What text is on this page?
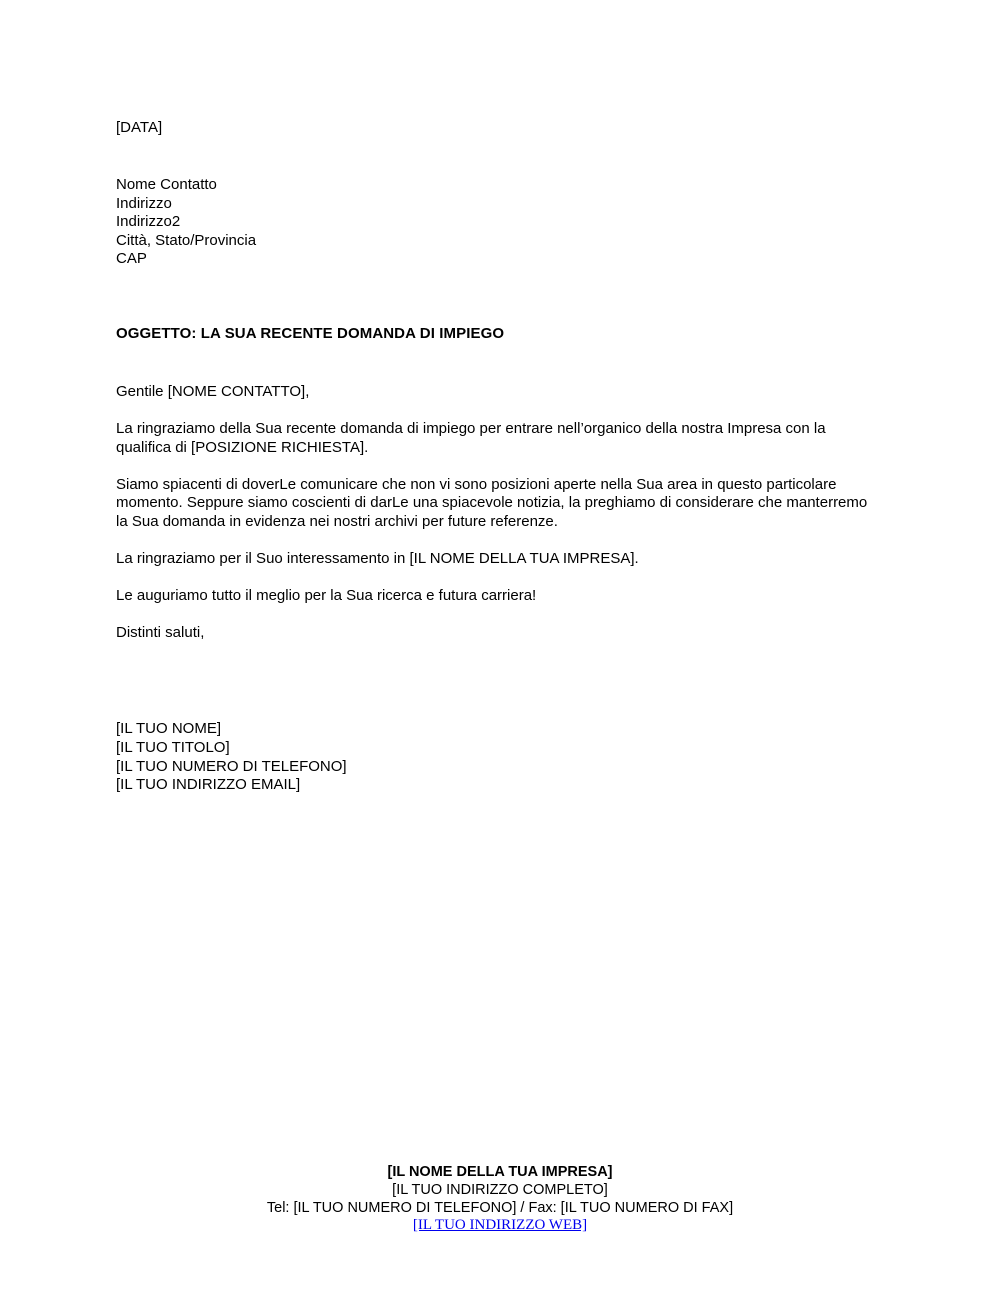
[DATA]
Nome Contatto
Indirizzo
Indirizzo2
Città, Stato/Provincia
CAP
OGGETTO: LA SUA RECENTE DOMANDA DI IMPIEGO
Gentile [NOME CONTATTO],

La ringraziamo della Sua recente domanda di impiego per entrare nell’organico della nostra Impresa con la qualifica di [POSIZIONE RICHIESTA].

Siamo spiacenti di doverLe comunicare che non vi sono posizioni aperte nella Sua area in questo particolare momento. Seppure siamo coscienti di darLe una spiacevole notizia, la preghiamo di considerare che manterremo la Sua domanda in evidenza nei nostri archivi per future referenze.

La ringraziamo per il Suo interessamento in [IL NOME DELLA TUA IMPRESA].

Le auguriamo tutto il meglio per la Sua ricerca e futura carriera!

Distinti saluti,

[IL TUO NOME]
[IL TUO TITOLO]
[IL TUO NUMERO DI TELEFONO]
[IL TUO INDIRIZZO EMAIL]
[IL NOME DELLA TUA IMPRESA]
[IL TUO INDIRIZZO COMPLETO]
Tel: [IL TUO NUMERO DI TELEFONO] / Fax: [IL TUO NUMERO DI FAX]
[IL TUO INDIRIZZO WEB]
